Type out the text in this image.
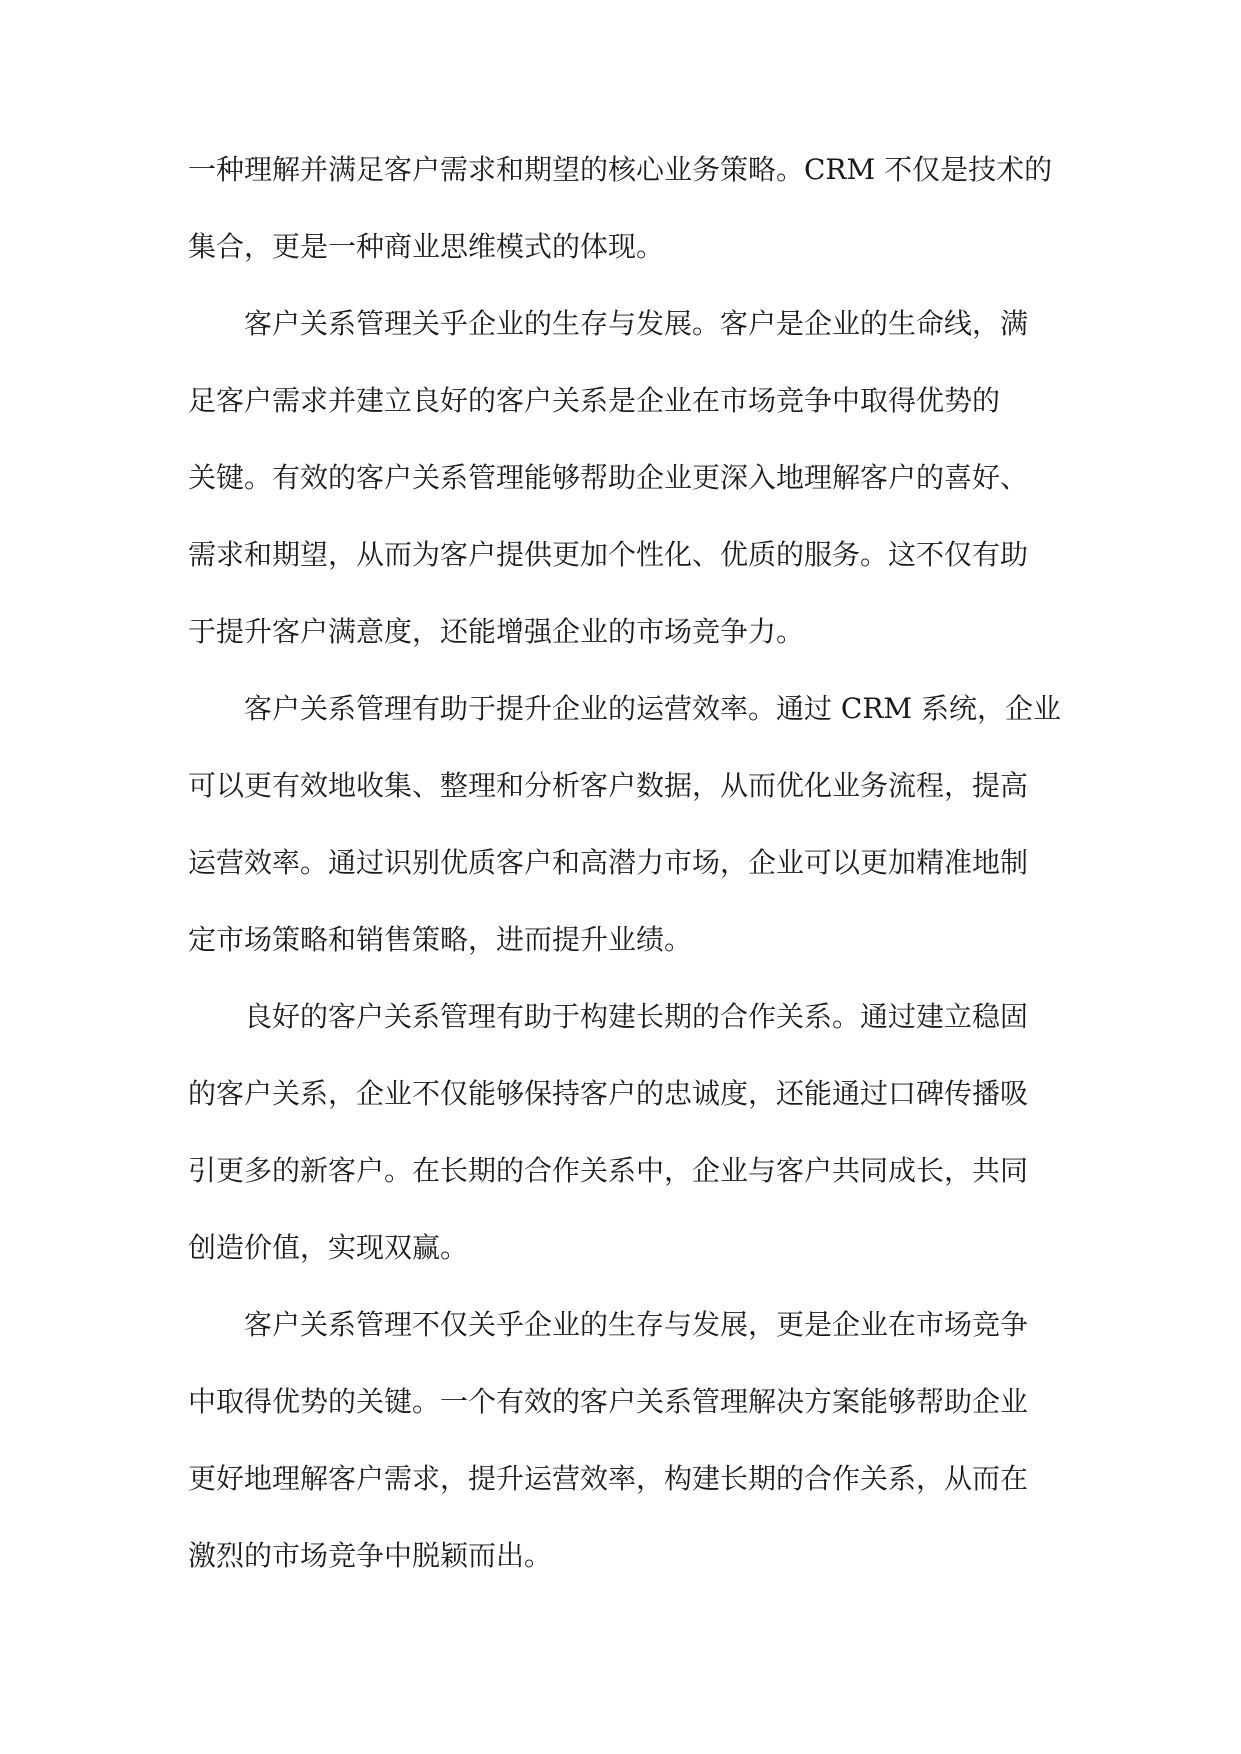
一种理解并满足客户需求和期望的核心业务策略。CRM 不仅是技术的
集合，更是一种商业思维模式的体现。
客户关系管理关乎企业的生存与发展。客户是企业的生命线，满
足客户需求并建立良好的客户关系是企业在市场竞争中取得优势的
关键。有效的客户关系管理能够帮助企业更深入地理解客户的喜好、
需求和期望，从而为客户提供更加个性化、优质的服务。这不仅有助
于提升客户满意度，还能增强企业的市场竞争力。
客户关系管理有助于提升企业的运营效率。通过 CRM 系统，企业
可以更有效地收集、整理和分析客户数据，从而优化业务流程，提高
运营效率。通过识别优质客户和高潜力市场，企业可以更加精准地制
定市场策略和销售策略，进而提升业绩。
良好的客户关系管理有助于构建长期的合作关系。通过建立稳固
的客户关系，企业不仅能够保持客户的忠诚度，还能通过口碑传播吸
引更多的新客户。在长期的合作关系中，企业与客户共同成长，共同
创造价值，实现双赢。
客户关系管理不仅关乎企业的生存与发展，更是企业在市场竞争
中取得优势的关键。一个有效的客户关系管理解决方案能够帮助企业
更好地理解客户需求，提升运营效率，构建长期的合作关系，从而在
激烈的市场竞争中脱颖而出。
